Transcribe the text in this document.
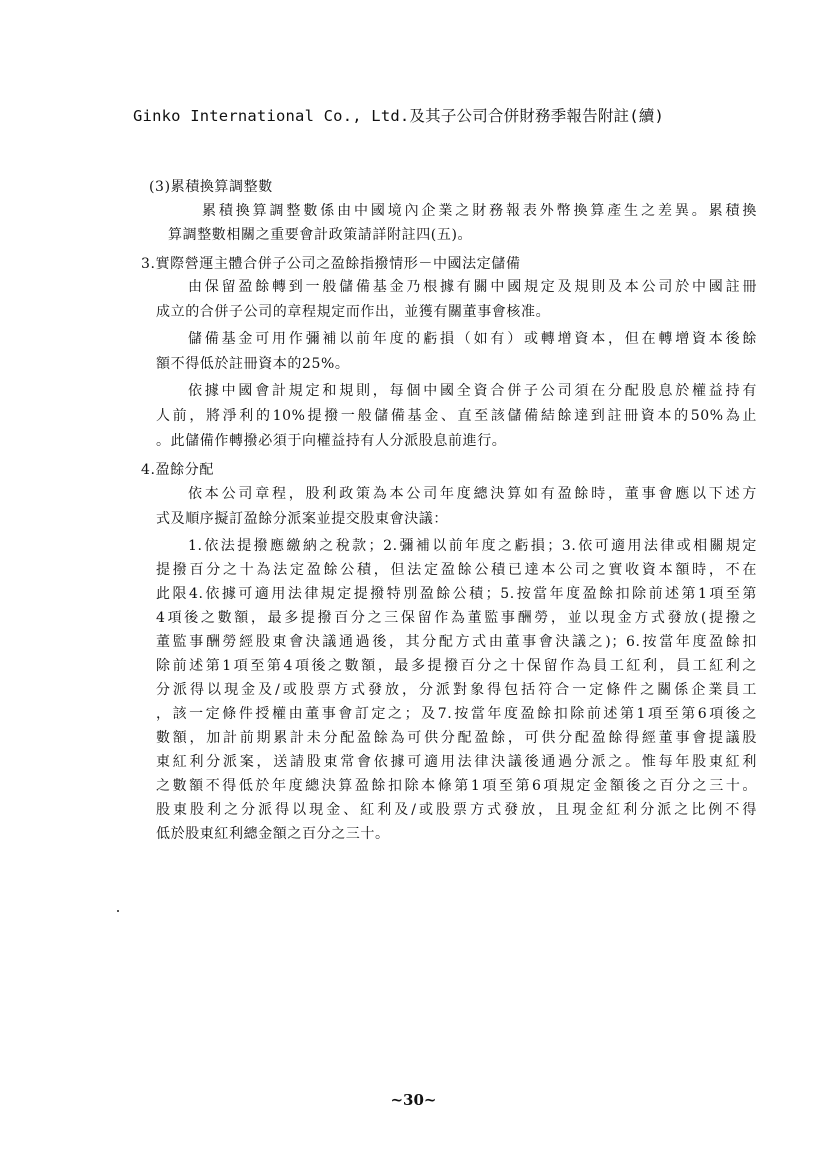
Ginko International Co., Ltd.及其子公司合併財務季報告附註(續)
(3)累積換算調整數
累積換算調整數係由中國境內企業之財務報表外幣換算產生之差異。累積換
算調整數相關之重要會計政策請詳附註四(五)。
3.實際營運主體合併子公司之盈餘指撥情形－中國法定儲備
由保留盈餘轉到一般儲備基金乃根據有關中國規定及規則及本公司於中國註冊
成立的合併子公司的章程規定而作出，並獲有關董事會核准。
儲備基金可用作彌補以前年度的虧損（如有）或轉增資本，但在轉增資本後餘
額不得低於註冊資本的25%。
依據中國會計規定和規則，每個中國全資合併子公司須在分配股息於權益持有
人前，將淨利的10%提撥一般儲備基金、直至該儲備結餘達到註冊資本的50%為止
。此儲備作轉撥必須于向權益持有人分派股息前進行。
4.盈餘分配
依本公司章程，股利政策為本公司年度總決算如有盈餘時，董事會應以下述方
式及順序擬訂盈餘分派案並提交股東會決議：
1.依法提撥應繳納之稅款；2.彌補以前年度之虧損；3.依可適用法律或相關規定
提撥百分之十為法定盈餘公積，但法定盈餘公積已達本公司之實收資本額時，不在
此限4.依據可適用法律規定提撥特別盈餘公積；5.按當年度盈餘扣除前述第1項至第
4項後之數額，最多提撥百分之三保留作為董監事酬勞，並以現金方式發放(提撥之
董監事酬勞經股東會決議通過後，其分配方式由董事會決議之)；6.按當年度盈餘扣
除前述第1項至第4項後之數額，最多提撥百分之十保留作為員工紅利，員工紅利之
分派得以現金及/或股票方式發放，分派對象得包括符合一定條件之關係企業員工
，該一定條件授權由董事會訂定之；及7.按當年度盈餘扣除前述第1項至第6項後之
數額，加計前期累計未分配盈餘為可供分配盈餘，可供分配盈餘得經董事會提議股
東紅利分派案，送請股東常會依據可適用法律決議後通過分派之。惟每年股東紅利
之數額不得低於年度總決算盈餘扣除本條第1項至第6項規定金額後之百分之三十。
股東股利之分派得以現金、紅利及/或股票方式發放，且現金紅利分派之比例不得
低於股東紅利總金額之百分之三十。
~30~
